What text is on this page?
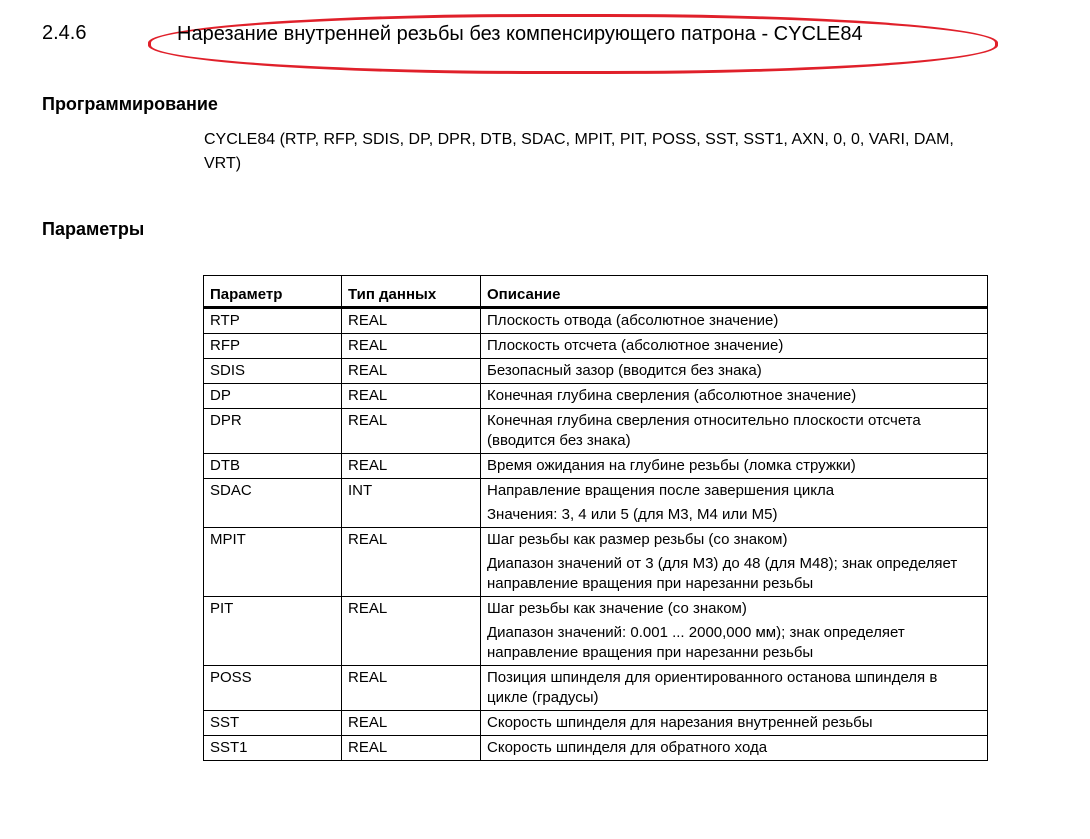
2.4.6	Нарезание внутренней резьбы без компенсирующего патрона - CYCLE84
Программирование
CYCLE84 (RTP, RFP, SDIS, DP, DPR, DTB, SDAC, MPIT, PIT, POSS, SST, SST1, AXN, 0, 0, VARI, DAM, VRT)
Параметры
Параметр	Тип данных	Описание
RTP	REAL	Плоскость отвода (абсолютное значение)

RFP	REAL	Плоскость отсчета (абсолютное значение)

SDIS	REAL	Безопасный зазор (вводится без знака)

DP	REAL	Конечная глубина сверления (абсолютное значение)

DPR	REAL	Конечная глубина сверления относительно плоскости отсчета (вводится без знака)

DTB	REAL	Время ожидания на глубине резьбы (ломка стружки)

SDAC	INT	Направление вращения после завершения цикла
Значения: 3, 4 или 5 (для M3, M4 или M5)

MPIT	REAL	Шаг резьбы как размер резьбы (со знаком)
Диапазон значений от 3 (для M3) до 48 (для M48); знак определяет направление вращения при нарезанни резьбы

PIT	REAL	Шаг резьбы как значение (со знаком)
Диапазон значений: 0.001 ... 2000,000 мм); знак определяет направление вращения при нарезанни резьбы

POSS	REAL	Позиция шпинделя для ориентированного останова шпинделя в цикле (градусы)

SST	REAL	Скорость шпинделя для нарезания внутренней резьбы

SST1	REAL	Скорость шпинделя для обратного хода
